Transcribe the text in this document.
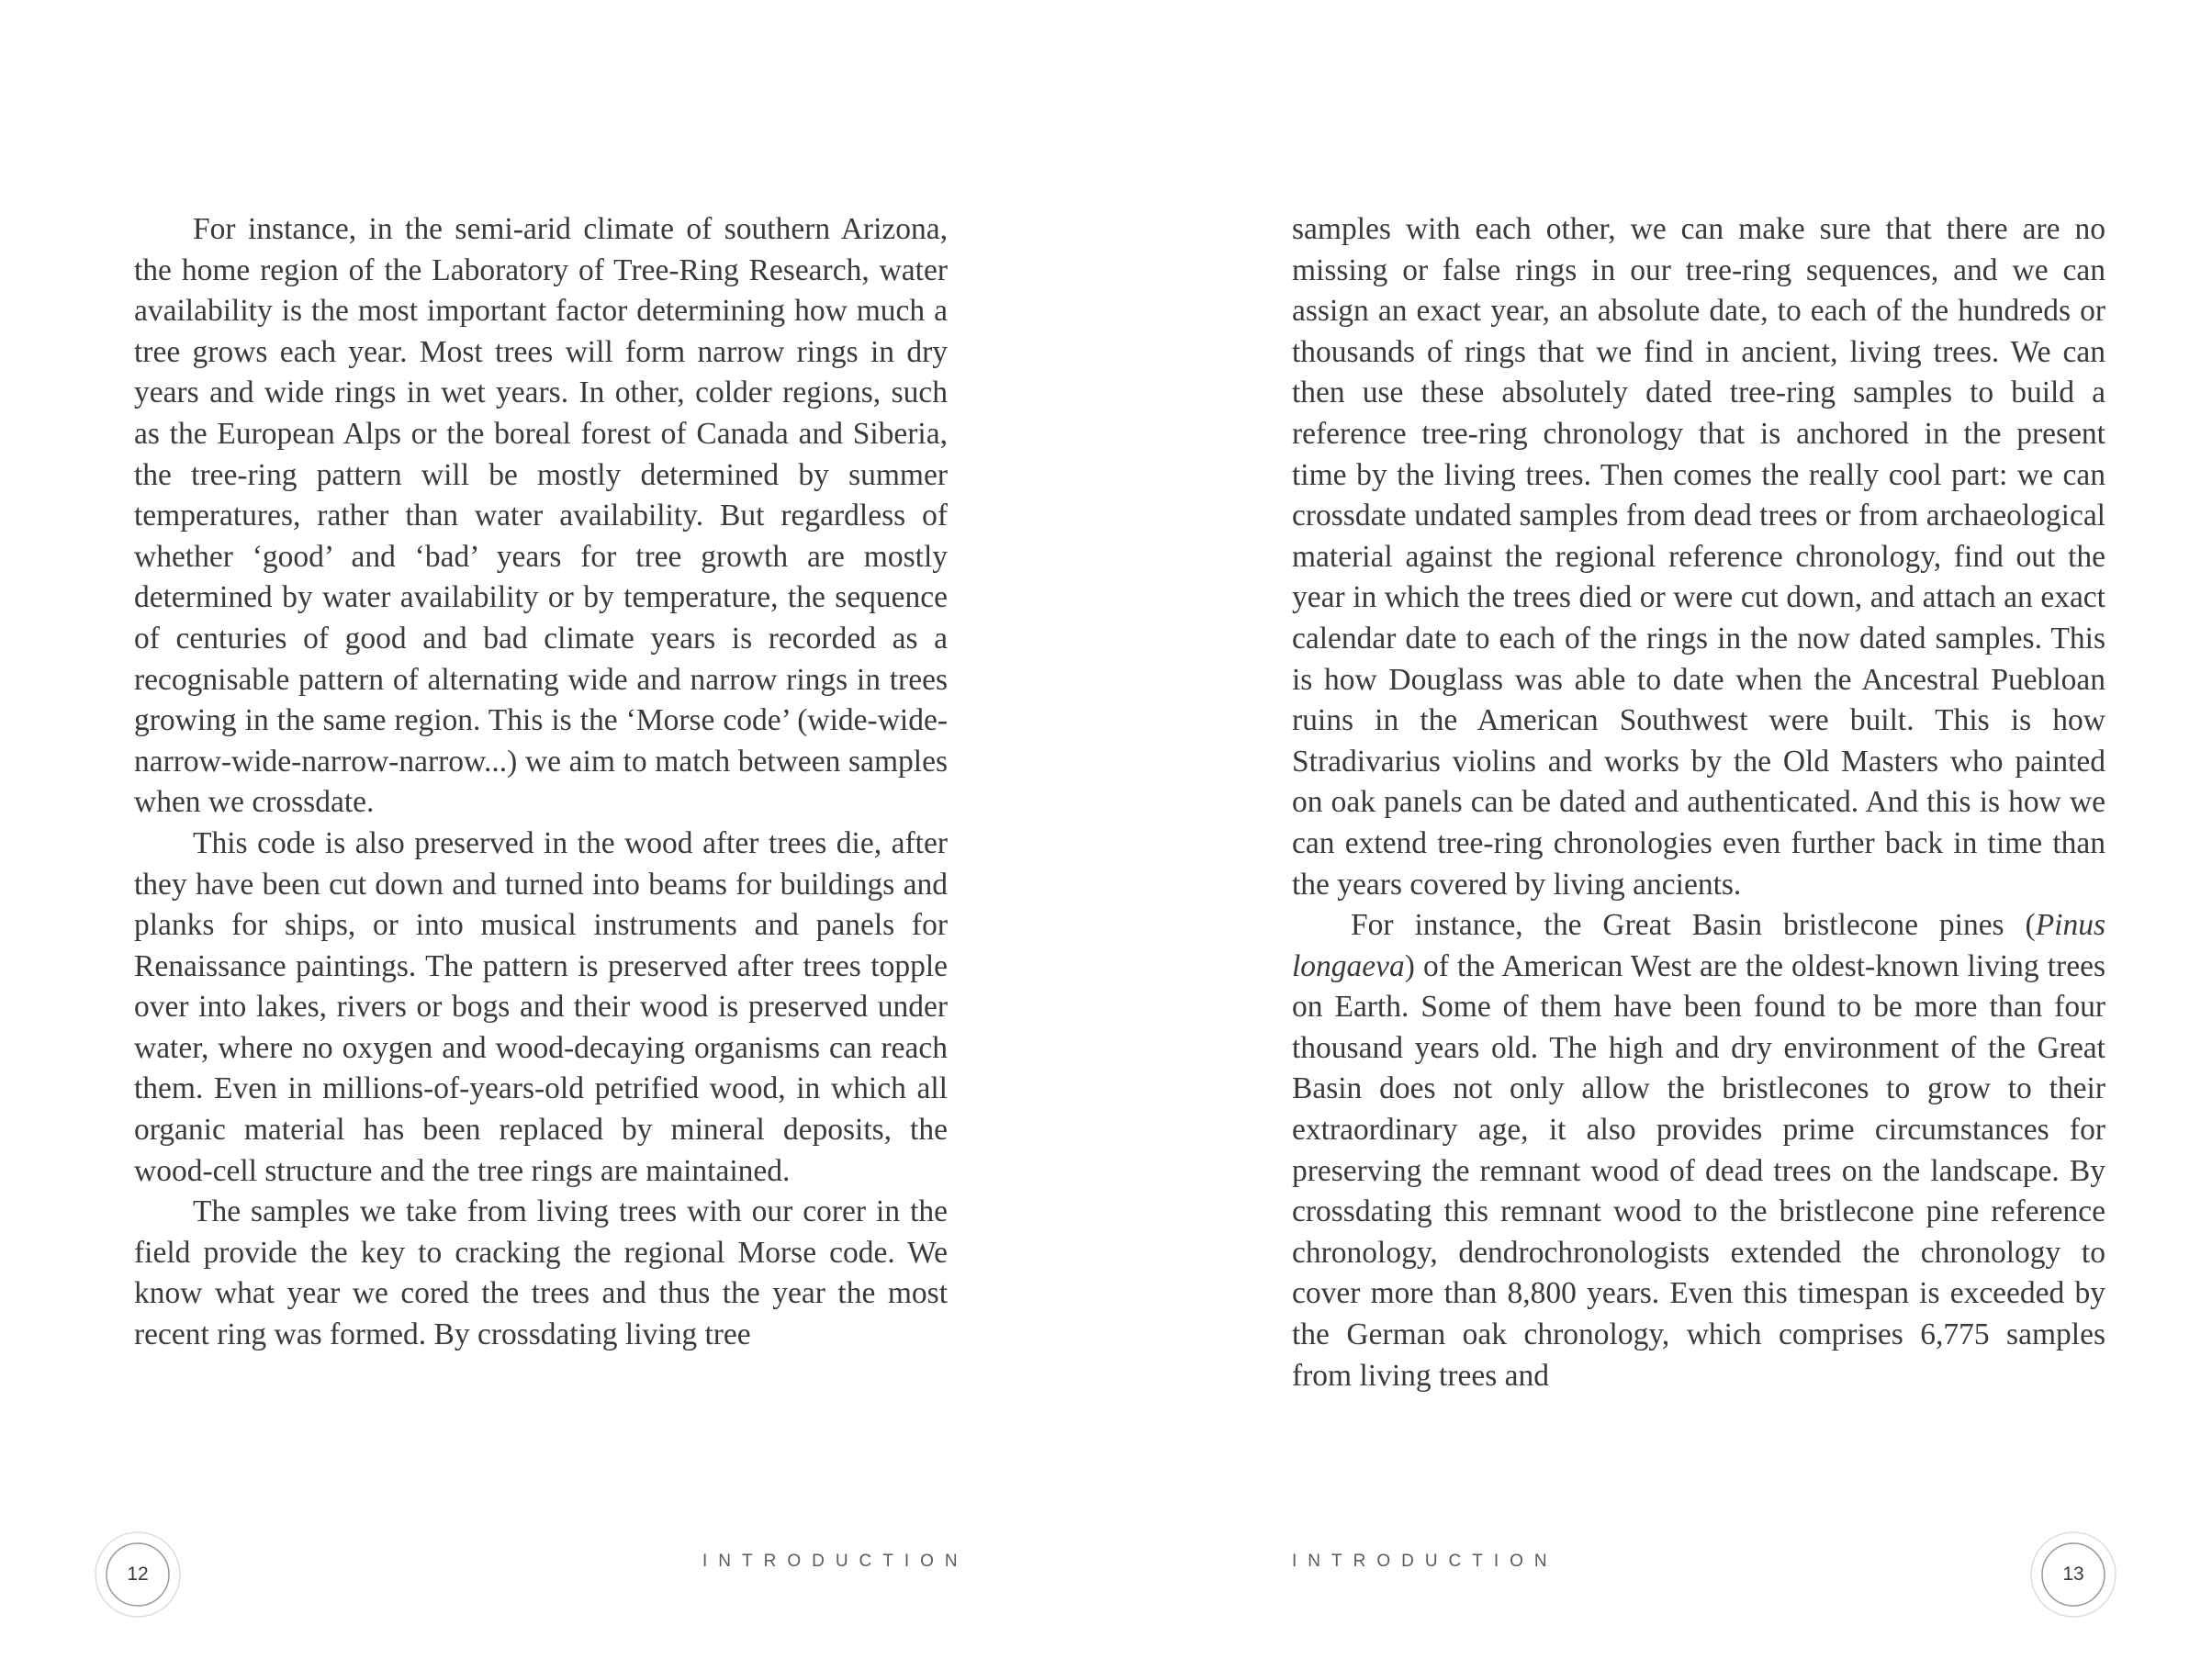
For instance, in the semi-arid climate of southern Arizona, the home region of the Laboratory of Tree-Ring Research, water availability is the most important factor determining how much a tree grows each year. Most trees will form narrow rings in dry years and wide rings in wet years. In other, colder regions, such as the European Alps or the boreal forest of Canada and Siberia, the tree-ring pattern will be mostly determined by summer temperatures, rather than water availability. But regardless of whether ‘good’ and ‘bad’ years for tree growth are mostly determined by water availability or by temperature, the sequence of centuries of good and bad climate years is recorded as a recognisable pattern of alternating wide and narrow rings in trees growing in the same region. This is the ‘Morse code’ (wide-wide-narrow-wide-narrow-narrow...) we aim to match between samples when we crossdate.

This code is also preserved in the wood after trees die, after they have been cut down and turned into beams for buildings and planks for ships, or into musical instruments and panels for Renaissance paintings. The pattern is preserved after trees topple over into lakes, rivers or bogs and their wood is preserved under water, where no oxygen and wood-decaying organisms can reach them. Even in millions-of-years-old petrified wood, in which all organic material has been replaced by mineral deposits, the wood-cell structure and the tree rings are maintained.

The samples we take from living trees with our corer in the field provide the key to cracking the regional Morse code. We know what year we cored the trees and thus the year the most recent ring was formed. By crossdating living tree

12
INTRODUCTION

samples with each other, we can make sure that there are no missing or false rings in our tree-ring sequences, and we can assign an exact year, an absolute date, to each of the hundreds or thousands of rings that we find in ancient, living trees. We can then use these absolutely dated tree-ring samples to build a reference tree-ring chronology that is anchored in the present time by the living trees. Then comes the really cool part: we can crossdate undated samples from dead trees or from archaeological material against the regional reference chronology, find out the year in which the trees died or were cut down, and attach an exact calendar date to each of the rings in the now dated samples. This is how Douglass was able to date when the Ancestral Puebloan ruins in the American Southwest were built. This is how Stradivarius violins and works by the Old Masters who painted on oak panels can be dated and authenticated. And this is how we can extend tree-ring chronologies even further back in time than the years covered by living ancients.

For instance, the Great Basin bristlecone pines (Pinus longaeva) of the American West are the oldest-known living trees on Earth. Some of them have been found to be more than four thousand years old. The high and dry environment of the Great Basin does not only allow the bristlecones to grow to their extraordinary age, it also provides prime circumstances for preserving the remnant wood of dead trees on the landscape. By crossdating this remnant wood to the bristlecone pine reference chronology, dendrochronologists extended the chronology to cover more than 8,800 years. Even this timespan is exceeded by the German oak chronology, which comprises 6,775 samples from living trees and

INTRODUCTION
13
